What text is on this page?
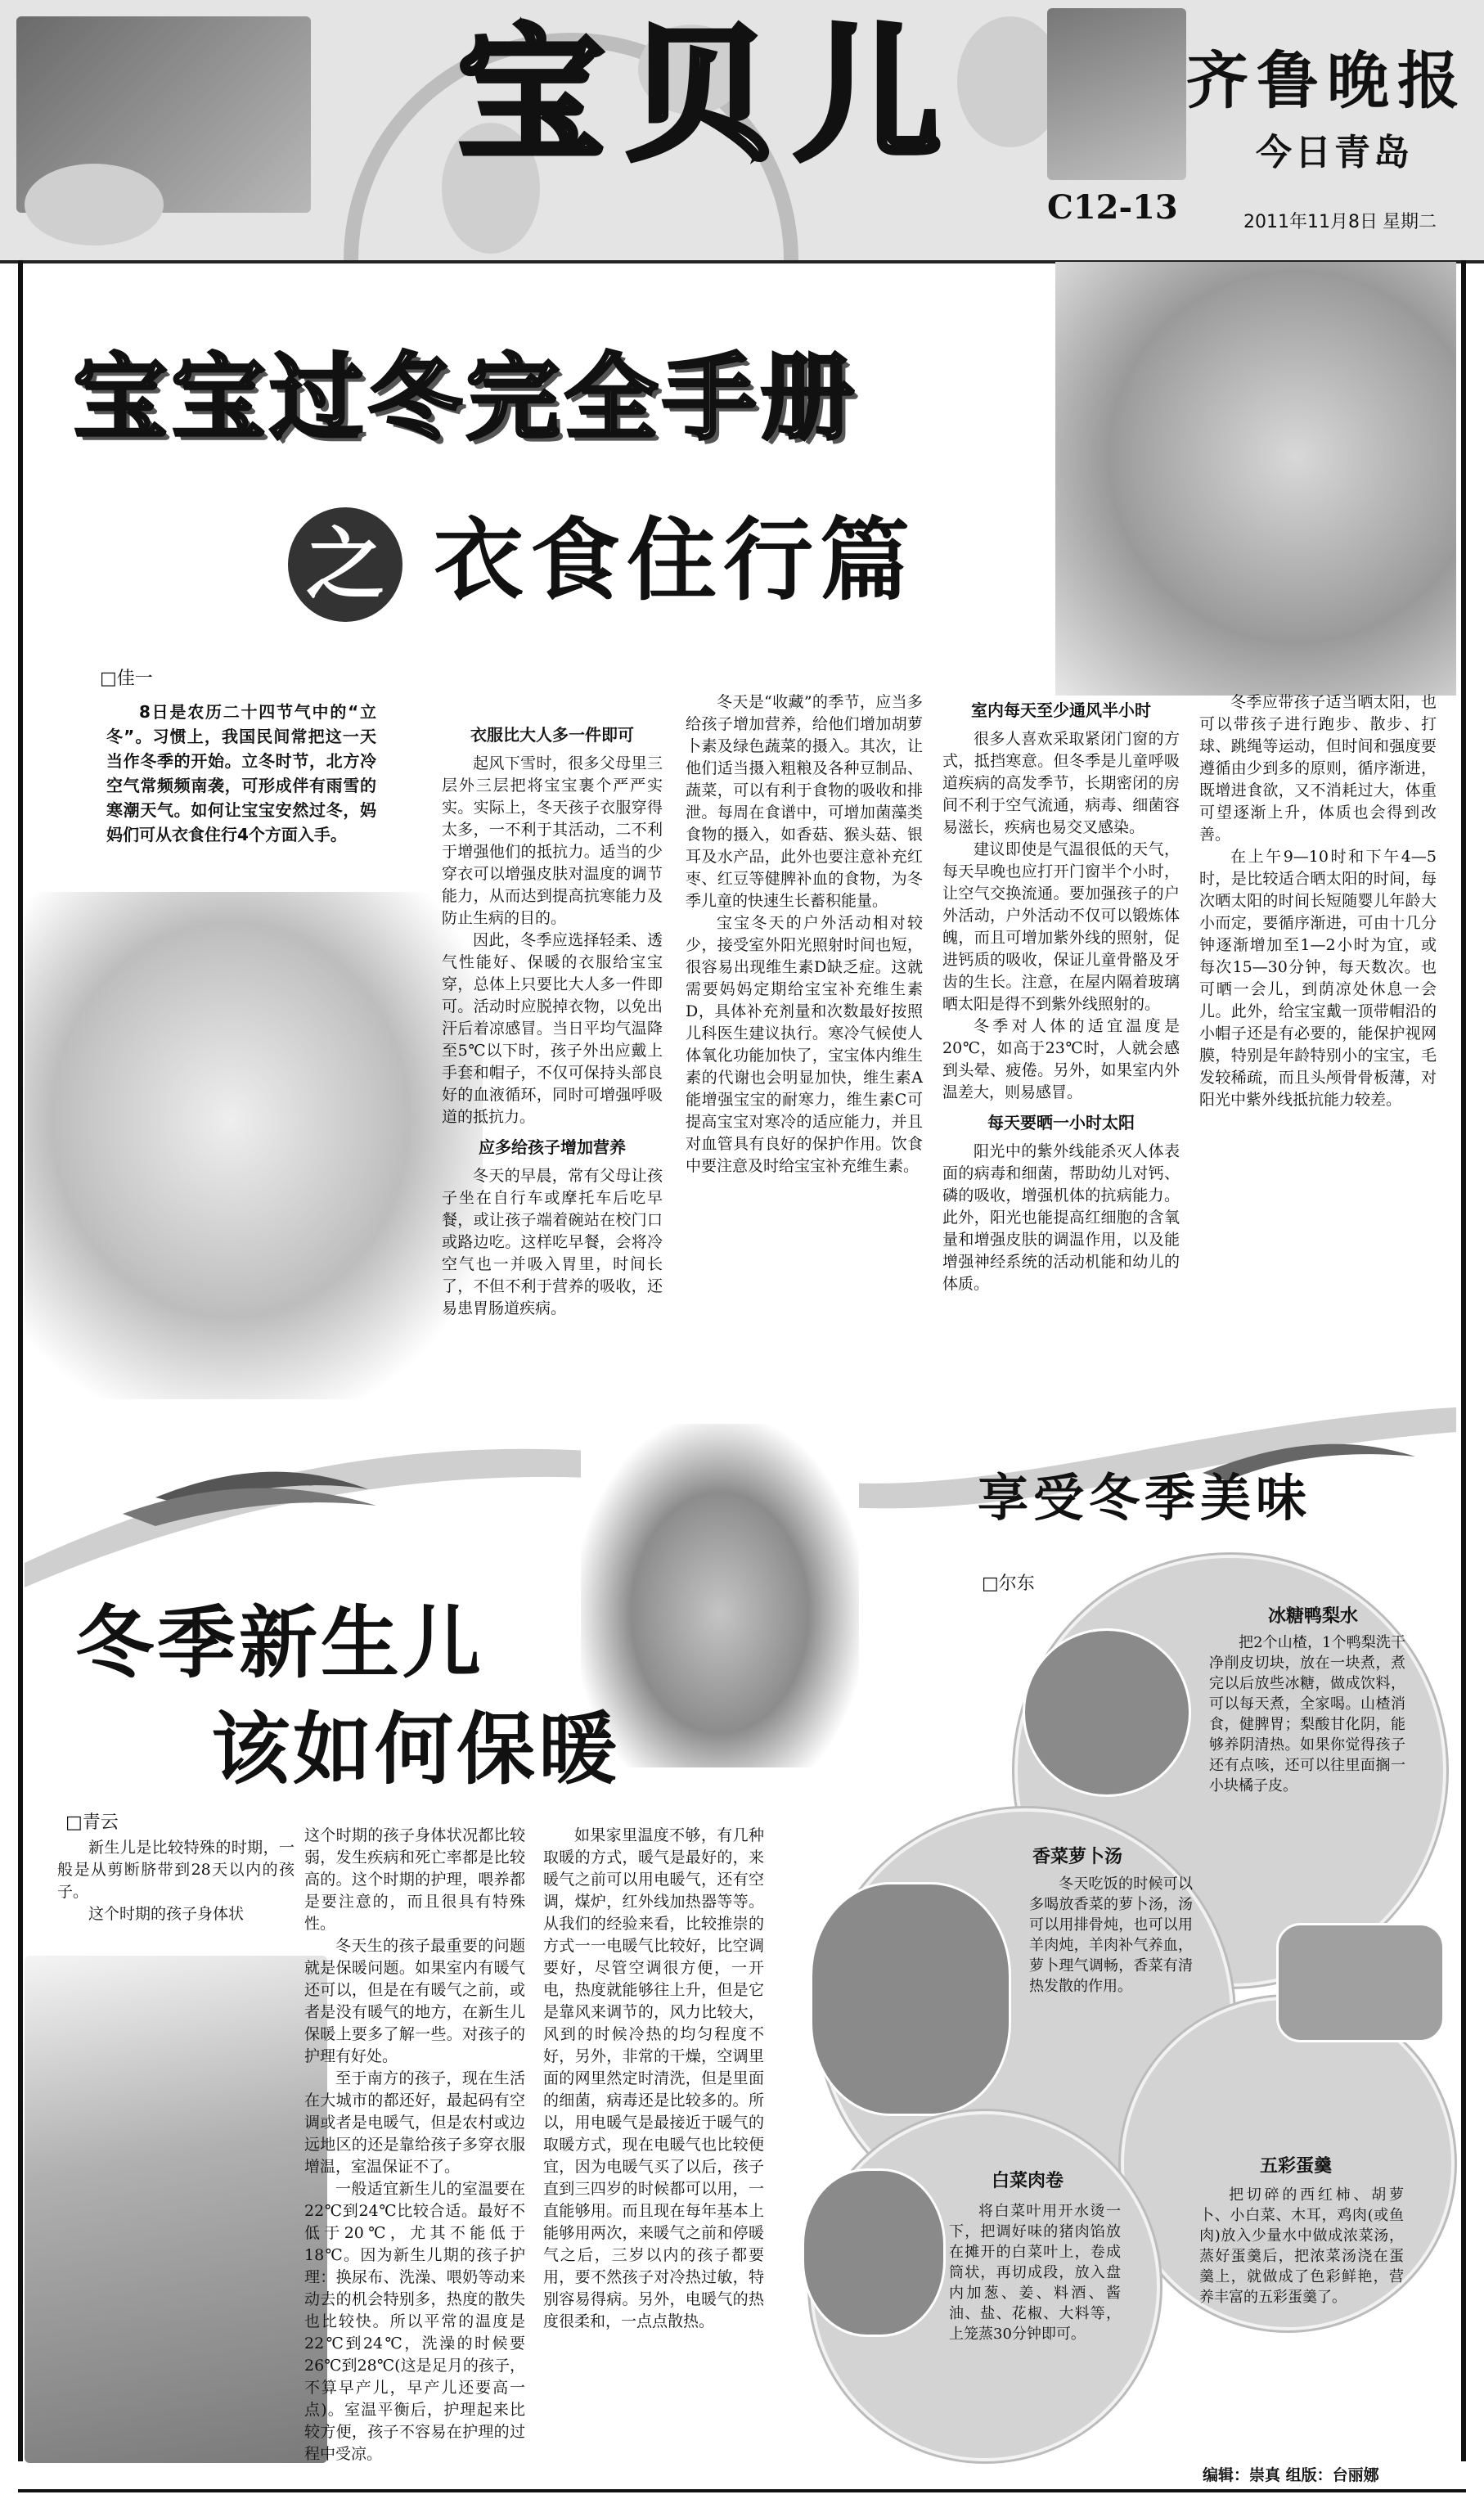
宝贝儿
C12-13
齐鲁晚报
今日青岛
2011年11月8日 星期二
宝宝过冬完全手册
之 衣食住行篇
□佳一
8日是农历二十四节气中的“立冬”。习惯上，我国民间常把这一天当作冬季的开始。立冬时节，北方冷空气常频频南袭，可形成伴有雨雪的寒潮天气。如何让宝宝安然过冬，妈妈们可从衣食住行4个方面入手。
衣服比大人多一件即可

起风下雪时，很多父母里三层外三层把将宝宝裹个严严实实。实际上，冬天孩子衣服穿得太多，一不利于其活动，二不利于增强他们的抵抗力。适当的少穿衣可以增强皮肤对温度的调节能力，从而达到提高抗寒能力及防止生病的目的。

因此，冬季应选择轻柔、透气性能好、保暖的衣服给宝宝穿，总体上只要比大人多一件即可。活动时应脱掉衣物，以免出汗后着凉感冒。当日平均气温降至5℃以下时，孩子外出应戴上手套和帽子，不仅可保持头部良好的血液循环，同时可增强呼吸道的抵抗力。

应多给孩子增加营养

冬天的早晨，常有父母让孩子坐在自行车或摩托车后吃早餐，或让孩子端着碗站在校门口或路边吃。这样吃早餐，会将冷空气也一并吸入胃里，时间长了，不但不利于营养的吸收，还易患胃肠道疾病。

冬天是“收藏”的季节，应当多给孩子增加营养，给他们增加胡萝卜素及绿色蔬菜的摄入。其次，让他们适当摄入粗粮及各种豆制品、蔬菜，可以有利于食物的吸收和排泄。每周在食谱中，可增加菌藻类食物的摄入，如香菇、猴头菇、银耳及水产品，此外也要注意补充红枣、红豆等健脾补血的食物，为冬季儿童的快速生长蓄积能量。

宝宝冬天的户外活动相对较少，接受室外阳光照射时间也短，很容易出现维生素D缺乏症。这就需要妈妈定期给宝宝补充维生素D，具体补充剂量和次数最好按照儿科医生建议执行。寒冷气候使人体氧化功能加快了，宝宝体内维生素的代谢也会明显加快，维生素A能增强宝宝的耐寒力，维生素C可提高宝宝对寒冷的适应能力，并且对血管具有良好的保护作用。饮食中要注意及时给宝宝补充维生素。

室内每天至少通风半小时

很多人喜欢采取紧闭门窗的方式，抵挡寒意。但冬季是儿童呼吸道疾病的高发季节，长期密闭的房间不利于空气流通，病毒、细菌容易滋长，疾病也易交叉感染。

建议即使是气温很低的天气，每天早晚也应打开门窗半个小时，让空气交换流通。要加强孩子的户外活动，户外活动不仅可以锻炼体魄，而且可增加紫外线的照射，促进钙质的吸收，保证儿童骨骼及牙齿的生长。注意，在屋内隔着玻璃晒太阳是得不到紫外线照射的。

冬季对人体的适宜温度是20℃，如高于23℃时，人就会感到头晕、疲倦。另外，如果室内外温差大，则易感冒。

每天要晒一小时太阳

阳光中的紫外线能杀灭人体表面的病毒和细菌，帮助幼儿对钙、磷的吸收，增强机体的抗病能力。此外，阳光也能提高红细胞的含氧量和增强皮肤的调温作用，以及能增强神经系统的活动机能和幼儿的体质。

冬季应带孩子适当晒太阳，也可以带孩子进行跑步、散步、打球、跳绳等运动，但时间和强度要遵循由少到多的原则，循序渐进，既增进食欲，又不消耗过大，体重可望逐渐上升，体质也会得到改善。

在上午9—10时和下午4—5时，是比较适合晒太阳的时间，每次晒太阳的时间长短随婴儿年龄大小而定，要循序渐进，可由十几分钟逐渐增加至1—2小时为宜，或每次15—30分钟，每天数次。也可晒一会儿，到荫凉处休息一会儿。此外，给宝宝戴一顶带帽沿的小帽子还是有必要的，能保护视网膜，特别是年龄特别小的宝宝，毛发较稀疏，而且头颅骨骨板薄，对阳光中紫外线抵抗能力较差。

冬季新生儿
该如何保暖
□青云

新生儿是比较特殊的时期，一般是从剪断脐带到28天以内的孩子。

这个时期的孩子身体状

这个时期的孩子身体状况都比较弱，发生疾病和死亡率都是比较高的。这个时期的护理，喂养都是要注意的，而且很具有特殊性。

冬天生的孩子最重要的问题就是保暖问题。如果室内有暖气还可以，但是在有暖气之前，或者是没有暖气的地方，在新生儿保暖上要多了解一些。对孩子的护理有好处。

至于南方的孩子，现在生活在大城市的都还好，最起码有空调或者是电暖气，但是农村或边远地区的还是靠给孩子多穿衣服增温，室温保证不了。

一般适宜新生儿的室温要在22℃到24℃比较合适。最好不低于20℃，尤其不能低于18℃。因为新生儿期的孩子护理：换尿布、洗澡、喂奶等动来动去的机会特别多，热度的散失也比较快。所以平常的温度是22℃到24℃，洗澡的时候要26℃到28℃(这是足月的孩子，不算早产儿，早产儿还要高一点)。室温平衡后，护理起来比较方便，孩子不容易在护理的过程中受凉。

如果家里温度不够，有几种取暖的方式，暖气是最好的，来暖气之前可以用电暖气，还有空调，煤炉，红外线加热器等等。从我们的经验来看，比较推崇的方式一一电暖气比较好，比空调要好，尽管空调很方便，一开电，热度就能够往上升，但是它是靠风来调节的，风力比较大，风到的时候冷热的均匀程度不好，另外，非常的干燥，空调里面的网里然定时清洗，但是里面的细菌，病毒还是比较多的。所以，用电暖气是最接近于暖气的取暖方式，现在电暖气也比较便宜，因为电暖气买了以后，孩子直到三四岁的时候都可以用，一直能够用。而且现在每年基本上能够用两次，来暖气之前和停暖气之后，三岁以内的孩子都要用，要不然孩子对冷热过敏，特别容易得病。另外，电暖气的热度很柔和，一点点散热。

享受冬季美味
□尔东
冰糖鸭梨水

把2个山楂，1个鸭梨洗干净削皮切块，放在一块煮，煮完以后放些冰糖，做成饮料，可以每天煮，全家喝。山楂消食，健脾胃；梨酸甘化阴，能够养阴清热。如果你觉得孩子还有点咳，还可以往里面搁一小块橘子皮。

香菜萝卜汤

冬天吃饭的时候可以多喝放香菜的萝卜汤，汤可以用排骨炖，也可以用羊肉炖，羊肉补气养血，萝卜理气调畅，香菜有清热发散的作用。

五彩蛋羹

把切碎的西红柿、胡萝卜、小白菜、木耳，鸡肉(或鱼肉)放入少量水中做成浓菜汤，蒸好蛋羹后，把浓菜汤浇在蛋羹上，就做成了色彩鲜艳，营养丰富的五彩蛋羹了。

白菜肉卷

将白菜叶用开水烫一下，把调好味的猪肉馅放在摊开的白菜叶上，卷成筒状，再切成段，放入盘内加葱、姜、料酒、酱油、盐、花椒、大料等，上笼蒸30分钟即可。

编辑：崇真 组版：台丽娜
